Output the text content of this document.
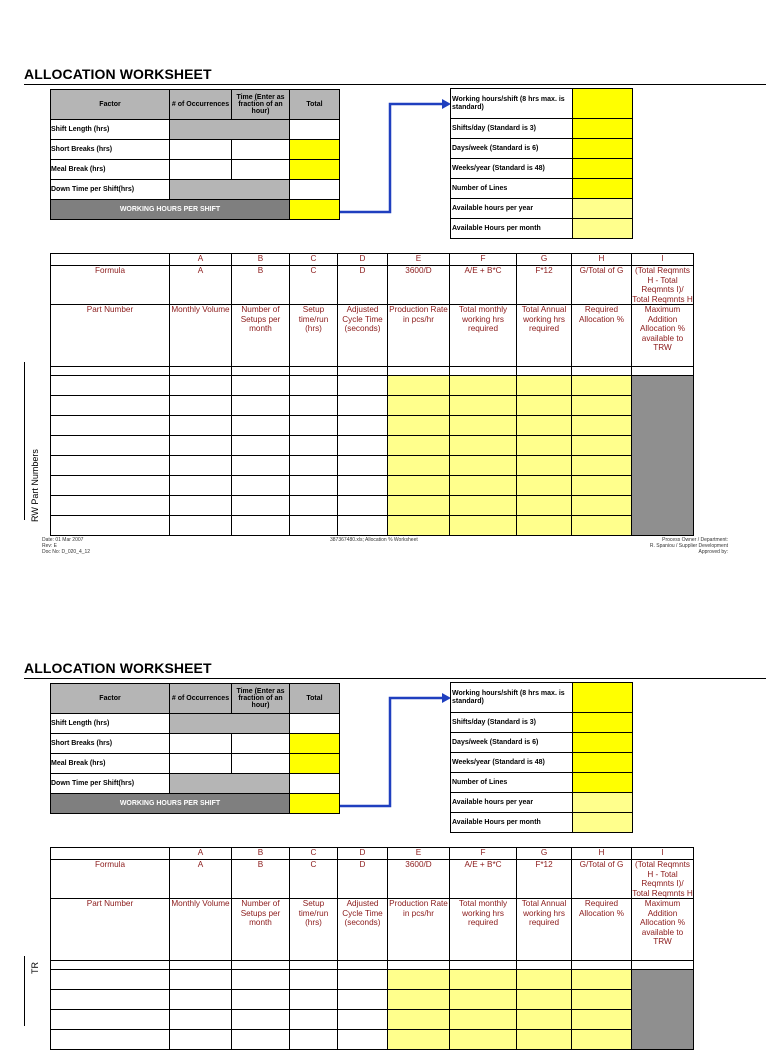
ALLOCATION WORKSHEET
Factor	# of Occurrences	Time (Enter as fraction of an hour)	Total
Shift Length (hrs)			
Short Breaks (hrs)			
Meal Break (hrs)			
Down Time per Shift(hrs)			
WORKING HOURS PER SHIFT			
Working hours/shift (8 hrs max. is standard)	
Shifts/day (Standard is 3)	
Days/week (Standard is 6)	
Weeks/year (Standard is 48)	
Number of Lines	
Available hours per year	
Available Hours per month	
	A	B	C	D	E	F	G	H	I
Formula	A	B	C	D	3600/D	A/E + B*C	F*12	G/Total of G	(Total Reqmnts H - Total Reqmnts I)/ Total Reqmnts H
Part Number	Monthly Volume	Number of Setups per month	Setup time/run (hrs)	Adjusted Cycle Time (seconds)	Production Rate in pcs/hr	Total monthly working hrs required	Total Annual working hrs required	Required Allocation %	Maximum Addition Allocation % available to TRW

RW Part Numbers
Date: 01 Mar 2007
Rev: E
Doc No: D_020_4_12
387367480.xls; Allocation % Worksheet	Process Owner / Department:
R. Spaniou / Supplier Development
Approved by:
ALLOCATION WORKSHEET
Factor	# of Occurrences	Time (Enter as fraction of an hour)	Total
Shift Length (hrs)			
Short Breaks (hrs)			
Meal Break (hrs)			
Down Time per Shift(hrs)			
WORKING HOURS PER SHIFT			
Working hours/shift (8 hrs max. is standard)	
Shifts/day (Standard is 3)	
Days/week (Standard is 6)	
Weeks/year (Standard is 48)	
Number of Lines	
Available hours per year	
Available Hours per month	
	A	B	C	D	E	F	G	H	I
Formula	A	B	C	D	3600/D	A/E + B*C	F*12	G/Total of G	(Total Reqmnts H - Total Reqmnts I)/ Total Reqmnts H
Part Number	Monthly Volume	Number of Setups per month	Setup time/run (hrs)	Adjusted Cycle Time (seconds)	Production Rate in pcs/hr	Total monthly working hrs required	Total Annual working hrs required	Required Allocation %	Maximum Addition Allocation % available to TRW

TR
